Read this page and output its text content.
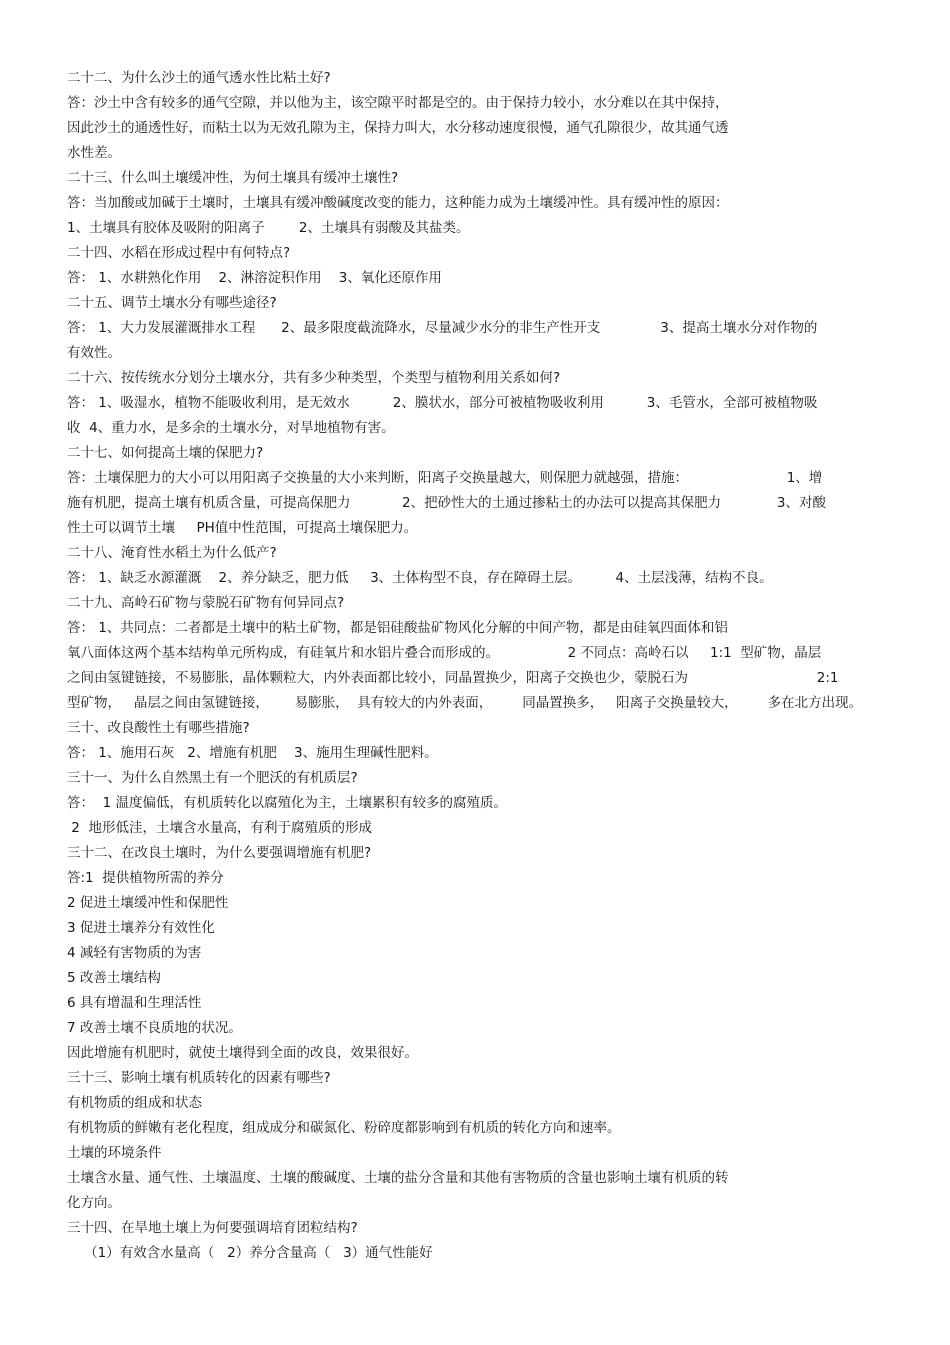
二十二、为什么沙土的通气透水性比粘土好?
答：沙土中含有较多的通气空隙，并以他为主，该空隙平时都是空的。由于保持力较小，水分难以在其中保持，
因此沙土的通透性好，而粘土以为无效孔隙为主，保持力叫大，水分移动速度很慢，通气孔隙很少，故其通气透
水性差。
二十三、什么叫土壤缓冲性，为何土壤具有缓冲土壤性?
答：当加酸或加碱于土壤时，土壤具有缓冲酸碱度改变的能力，这种能力成为土壤缓冲性。具有缓冲性的原因：
1、土壤具有胶体及吸附的阳离子        2、土壤具有弱酸及其盐类。
二十四、水稻在形成过程中有何特点?
答： 1、水耕熟化作用    2、淋溶淀积作用    3、氧化还原作用
二十五、调节土壤水分有哪些途径?
答： 1、大力发展灌溉排水工程      2、最多限度截流降水，尽量减少水分的非生产性开支              3、提高土壤水分对作物的
有效性。
二十六、按传统水分划分土壤水分，共有多少种类型，个类型与植物利用关系如何?
答： 1、吸湿水，植物不能吸收利用，是无效水          2、膜状水，部分可被植物吸收利用          3、毛管水，全部可被植物吸
收  4、重力水，是多余的土壤水分，对旱地植物有害。
二十七、如何提高土壤的保肥力?
答：土壤保肥力的大小可以用阳离子交换量的大小来判断，阳离子交换量越大，则保肥力就越强，措施：                       1、增
施有机肥，提高土壤有机质含量，可提高保肥力            2、把砂性大的土通过掺粘土的办法可以提高其保肥力             3、对酸
性土可以调节土壤     PH值中性范围，可提高土壤保肥力。
二十八、淹育性水稻土为什么低产?
答： 1、缺乏水源灌溉    2、养分缺乏，肥力低     3、土体构型不良，存在障碍土层。        4、土层浅薄，结构不良。
二十九、高岭石矿物与蒙脱石矿物有何异同点?
答： 1、共同点：二者都是土壤中的粘土矿物，都是铝硅酸盐矿物风化分解的中间产物，都是由硅氧四面体和铝
氧八面体这两个基本结构单元所构成，有硅氧片和水铝片叠合而形成的。                2 不同点：高岭石以     1:1  型矿物，晶层
之间由氢键链接，不易膨胀，晶体颗粒大，内外表面都比较小，同晶置换少，阳离子交换也少，蒙脱石为                              2:1
型矿物，   晶层之间由氢键链接，      易膨胀，  具有较大的内外表面，       同晶置换多，   阳离子交换量较大，       多在北方出现。
三十、改良酸性土有哪些措施?
答： 1、施用石灰   2、增施有机肥    3、施用生理碱性肥料。
三十一、为什么自然黑土有一个肥沃的有机质层?
答：  1 温度偏低，有机质转化以腐殖化为主，土壤累积有较多的腐殖质。
2  地形低洼，土壤含水量高，有利于腐殖质的形成
三十二、在改良土壤时，为什么要强调增施有机肥?
答:1  提供植物所需的养分
2 促进土壤缓冲性和保肥性
3 促进土壤养分有效性化
4 减轻有害物质的为害
5 改善土壤结构
6 具有增温和生理活性
7 改善土壤不良质地的状况。
因此增施有机肥时，就使土壤得到全面的改良，效果很好。
三十三、影响土壤有机质转化的因素有哪些?
有机物质的组成和状态
有机物质的鲜嫩有老化程度，组成成分和碳氮化、粉碎度都影响到有机质的转化方向和速率。
土壤的环境条件
土壤含水量、通气性、土壤温度、土壤的酸碱度、土壤的盐分含量和其他有害物质的含量也影响土壤有机质的转
化方向。
三十四、在旱地土壤上为何要强调培育团粒结构?
（1）有效含水量高（   2）养分含量高（   3）通气性能好
